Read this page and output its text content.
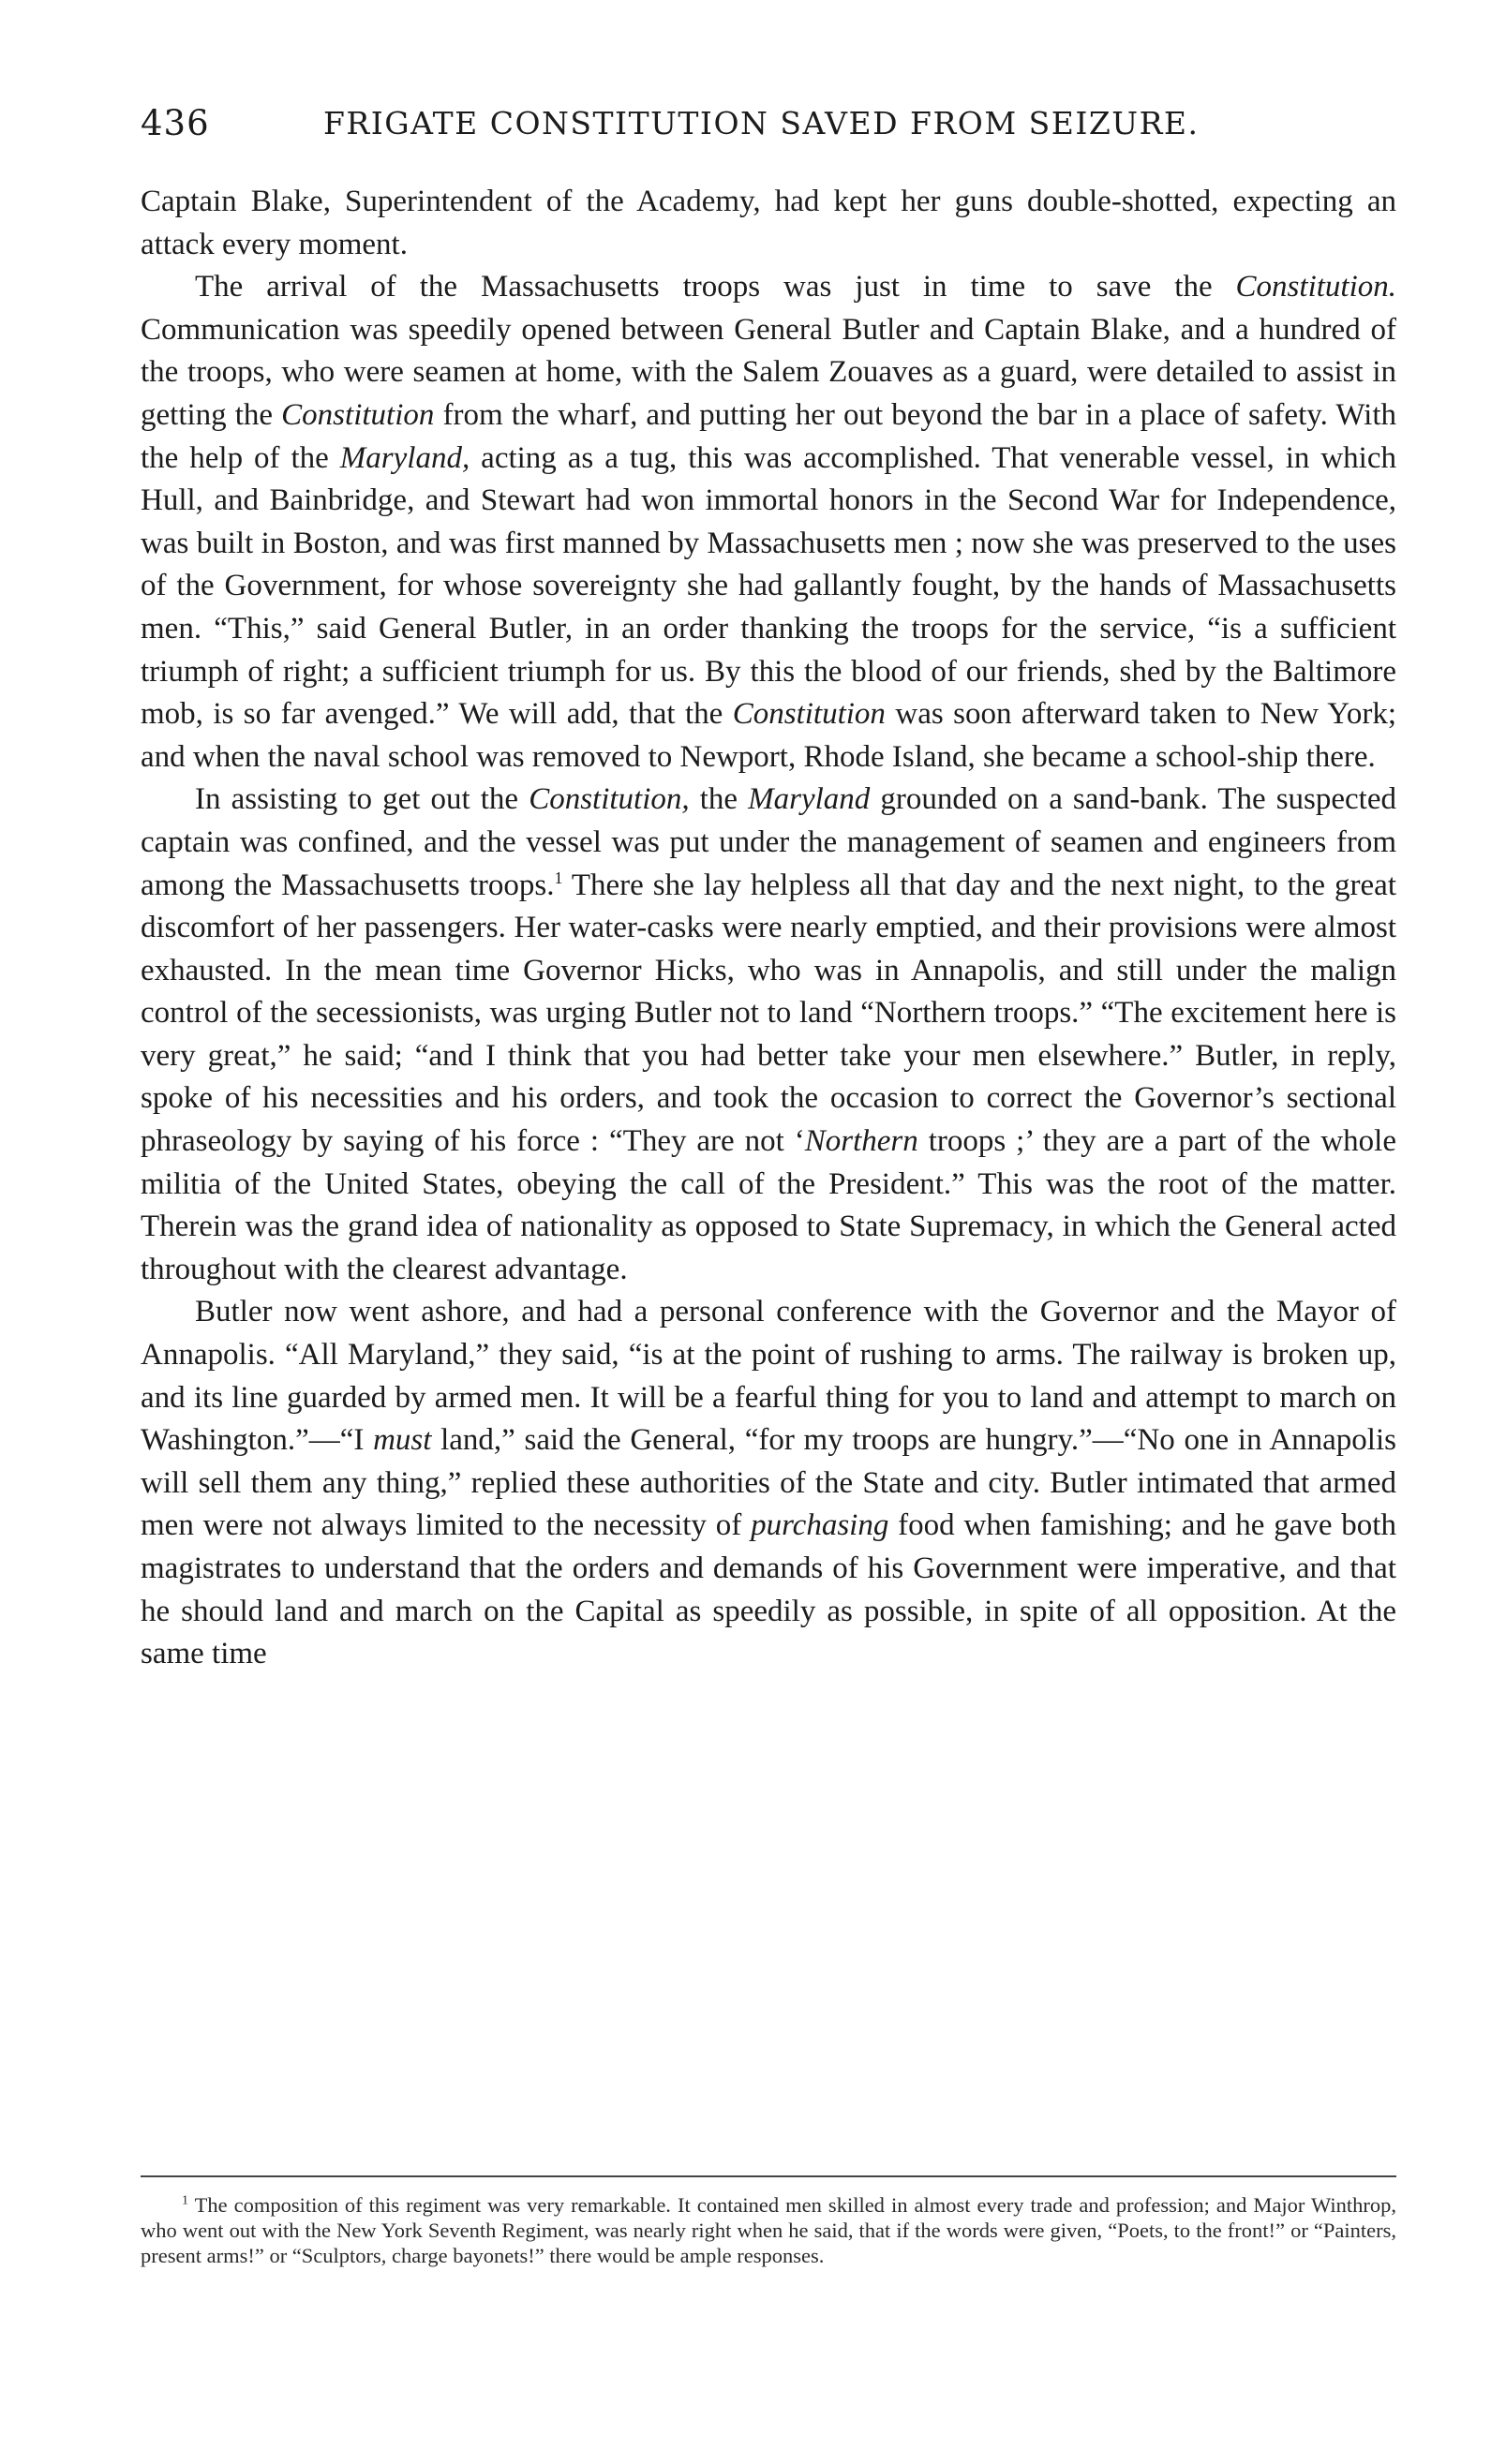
436	FRIGATE CONSTITUTION SAVED FROM SEIZURE.

Captain Blake, Superintendent of the Academy, had kept her guns double-shotted, expecting an attack every moment.

The arrival of the Massachusetts troops was just in time to save the Constitution. Communication was speedily opened between General Butler and Captain Blake, and a hundred of the troops, who were seamen at home, with the Salem Zouaves as a guard, were detailed to assist in getting the Constitution from the wharf, and putting her out beyond the bar in a place of safety. With the help of the Maryland, acting as a tug, this was accomplished. That venerable vessel, in which Hull, and Bainbridge, and Stewart had won immortal honors in the Second War for Independence, was built in Boston, and was first manned by Massachusetts men ; now she was preserved to the uses of the Government, for whose sovereignty she had gallantly fought, by the hands of Massachusetts men. “This,” said General Butler, in an order thanking the troops for the service, “is a sufficient triumph of right; a sufficient triumph for us. By this the blood of our friends, shed by the Baltimore mob, is so far avenged.” We will add, that the Constitution was soon afterward taken to New York; and when the naval school was removed to Newport, Rhode Island, she became a school-ship there.

In assisting to get out the Constitution, the Maryland grounded on a sand-bank. The suspected captain was confined, and the vessel was put under the management of seamen and engineers from among the Massachusetts troops.$^1$ There she lay helpless all that day and the next night, to the great discomfort of her passengers. Her water-casks were nearly emptied, and their provisions were almost exhausted. In the mean time Governor Hicks, who was in Annapolis, and still under the malign control of the secessionists, was urging Butler not to land “Northern troops.” “The excitement here is very great,” he said; “and I think that you had better take your men elsewhere.” Butler, in reply, spoke of his necessities and his orders, and took the occasion to correct the Governor’s sectional phraseology by saying of his force : “They are not ‘Northern troops ;’ they are a part of the whole militia of the United States, obeying the call of the President.” This was the root of the matter. Therein was the grand idea of nationality as opposed to State Supremacy, in which the General acted throughout with the clearest advantage.

Butler now went ashore, and had a personal conference with the Governor and the Mayor of Annapolis. “All Maryland,” they said, “is at the point of rushing to arms. The railway is broken up, and its line guarded by armed men. It will be a fearful thing for you to land and attempt to march on Washington.”—“I must land,” said the General, “for my troops are hungry.”—“No one in Annapolis will sell them any thing,” replied these authorities of the State and city. Butler intimated that armed men were not always limited to the necessity of purchasing food when famishing; and he gave both magistrates to understand that the orders and demands of his Government were imperative, and that he should land and march on the Capital as speedily as possible, in spite of all opposition. At the same time

$^1$ The composition of this regiment was very remarkable. It contained men skilled in almost every trade and profession; and Major Winthrop, who went out with the New York Seventh Regiment, was nearly right when he said, that if the words were given, “Poets, to the front!” or “Painters, present arms!” or “Sculptors, charge bayonets!” there would be ample responses.
